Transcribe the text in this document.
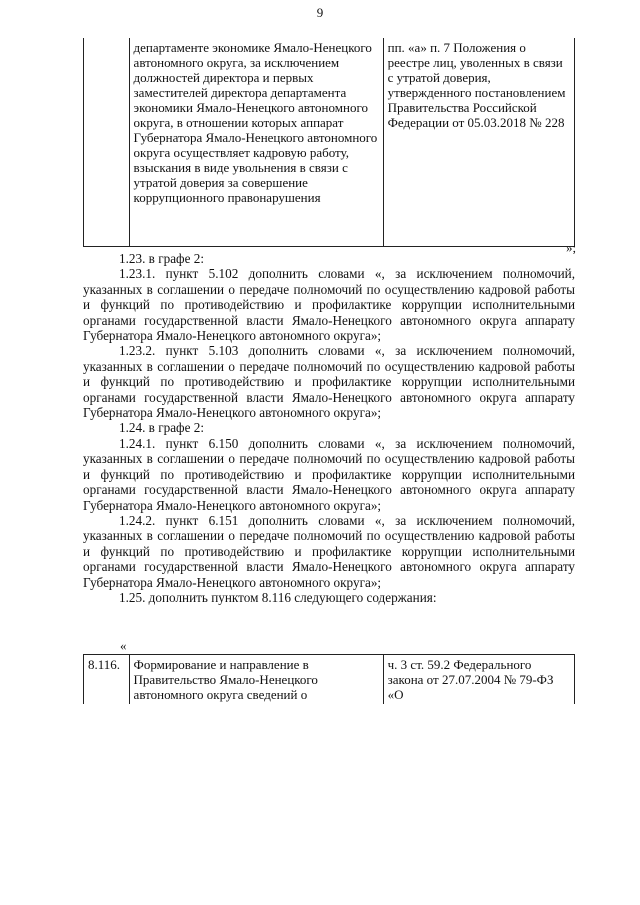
9
	департаменте экономике Ямало-Ненецкого автономного округа, за исключением должностей директора и первых заместителей директора департамента экономики Ямало-Ненецкого автономного округа, в отношении которых аппарат Губернатора Ямало-Ненецкого автономного округа осуществляет кадровую работу, взыскания в виде увольнения в связи с утратой доверия за совершение коррупционного правонарушения	пп. «а» п. 7 Положения о реестре лиц, уволенных в связи с утратой доверия, утвержденного постановлением Правительства Российской Федерации от 05.03.2018 № 228
»;

1.23. в графе 2:

1.23.1. пункт 5.102 дополнить словами «, за исключением полномочий, указанных в соглашении о передаче полномочий по осуществлению кадровой работы и функций по противодействию и профилактике коррупции исполнительными органами государственной власти Ямало-Ненецкого автономного округа аппарату Губернатора Ямало-Ненецкого автономного округа»;

1.23.2. пункт 5.103 дополнить словами «, за исключением полномочий, указанных в соглашении о передаче полномочий по осуществлению кадровой работы и функций по противодействию и профилактике коррупции исполнительными органами государственной власти Ямало-Ненецкого автономного округа аппарату Губернатора Ямало-Ненецкого автономного округа»;

1.24. в графе 2:

1.24.1. пункт 6.150 дополнить словами «, за исключением полномочий, указанных в соглашении о передаче полномочий по осуществлению кадровой работы и функций по противодействию и профилактике коррупции исполнительными органами государственной власти Ямало-Ненецкого автономного округа аппарату Губернатора Ямало-Ненецкого автономного округа»;

1.24.2. пункт 6.151 дополнить словами «, за исключением полномочий, указанных в соглашении о передаче полномочий по осуществлению кадровой работы и функций по противодействию и профилактике коррупции исполнительными органами государственной власти Ямало-Ненецкого автономного округа аппарату Губернатора Ямало-Ненецкого автономного округа»;

1.25. дополнить пунктом 8.116 следующего содержания:

«
8.116.	Формирование и направление в Правительство Ямало-Ненецкого автономного округа сведений о	ч. 3 ст. 59.2 Федерального закона от 27.07.2004 № 79-ФЗ «О
